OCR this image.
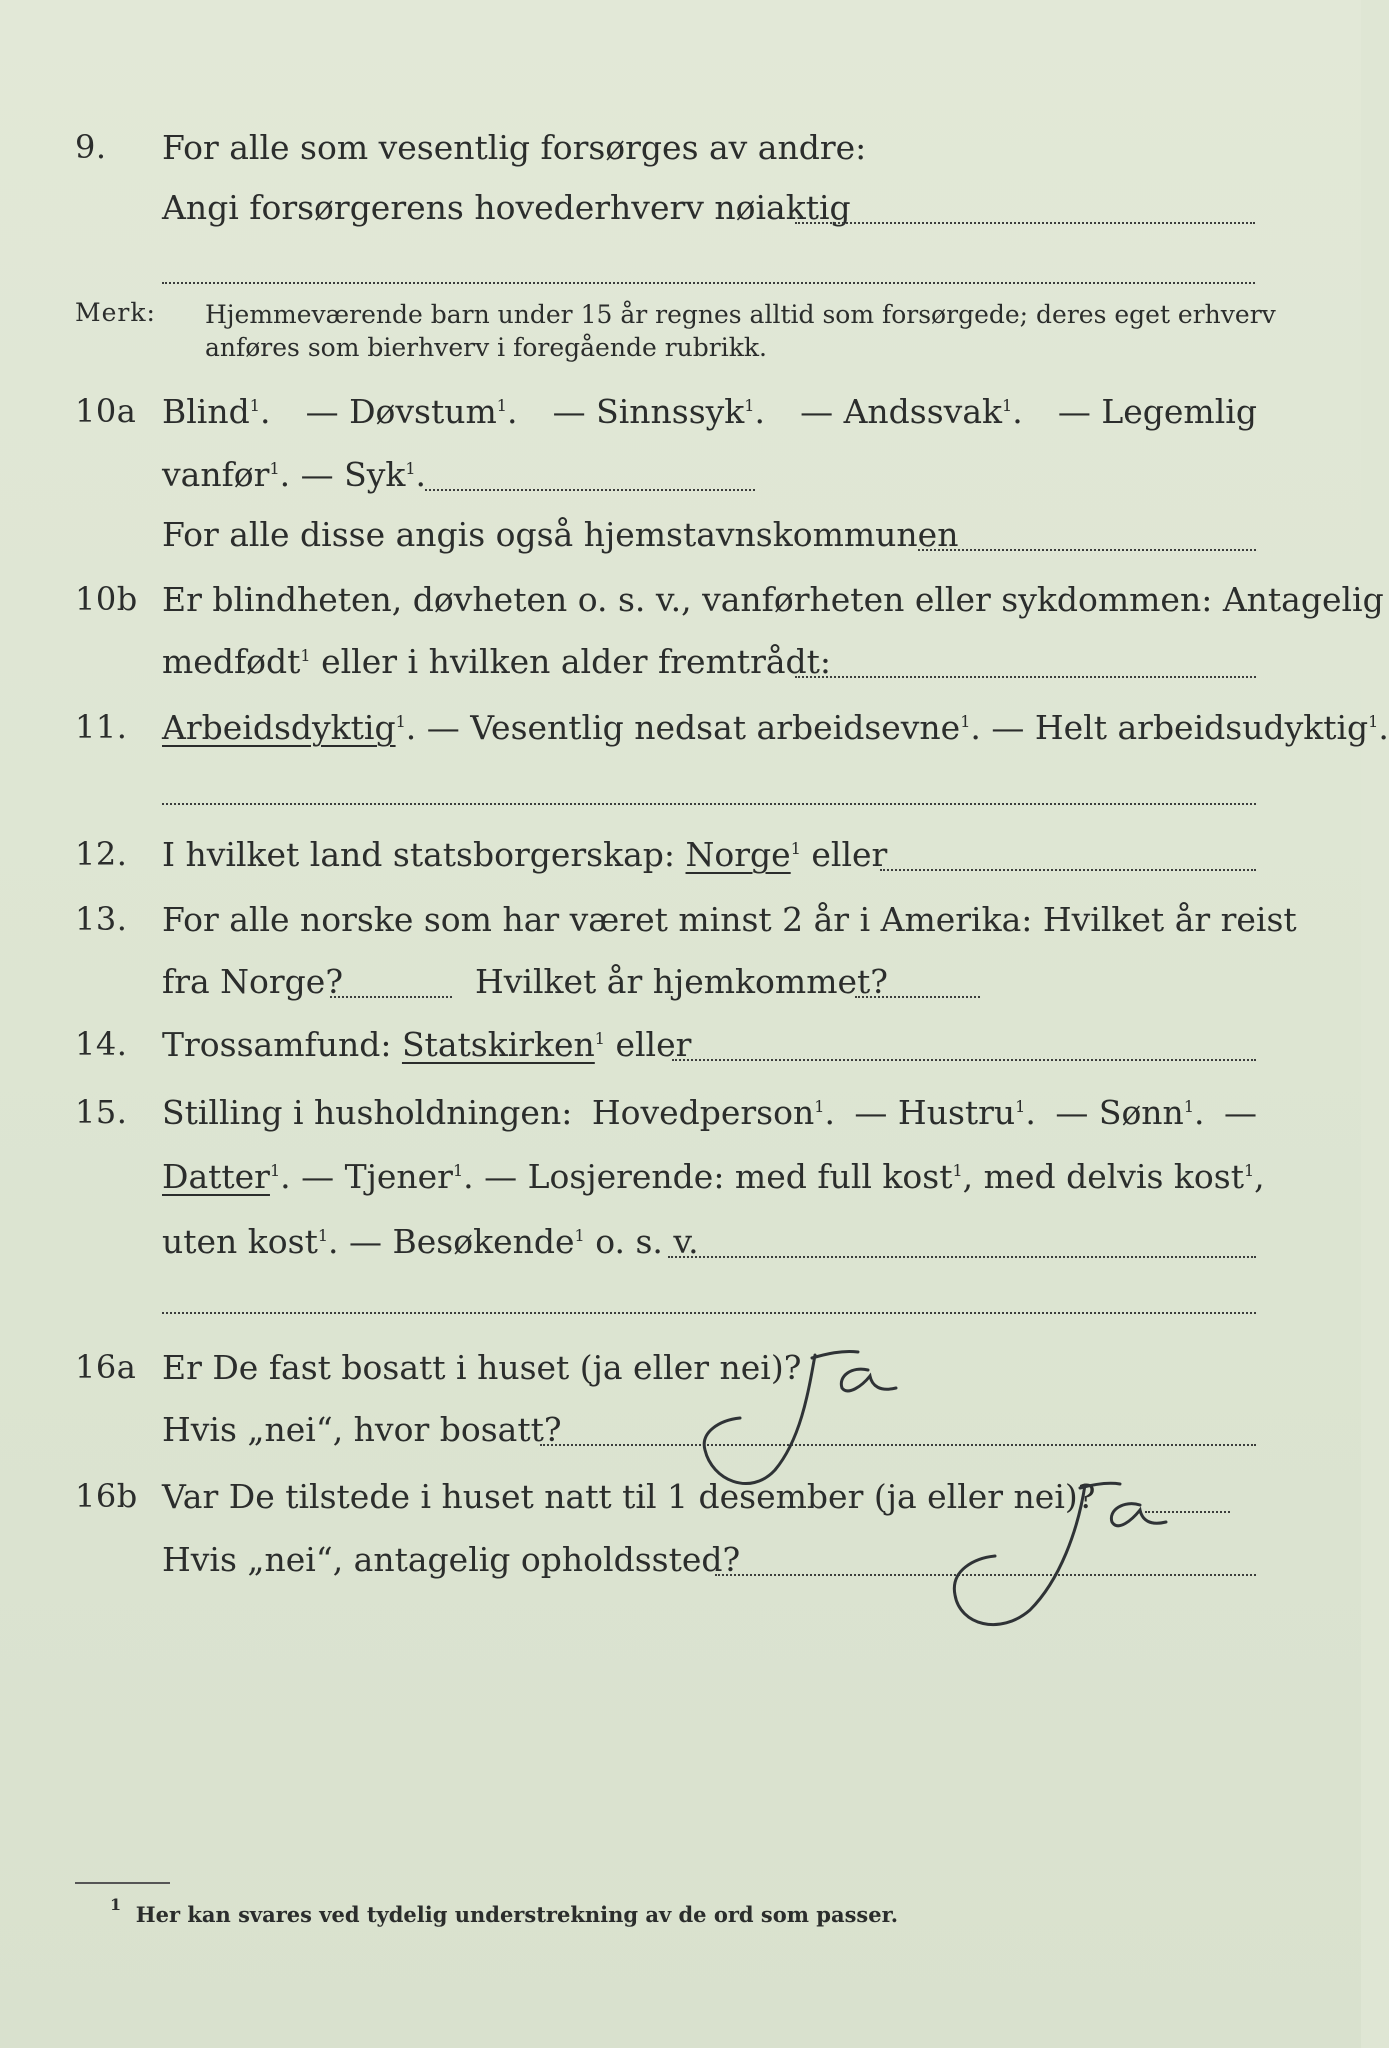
9. For alle som vesentlig forsørges av andre:
Angi forsørgerens hovederhverv nøiaktig
Merk: Hjemmeværende barn under 15 år regnes alltid som forsørgede; deres eget erhverv
anføres som bierhverv i foregående rubrikk.
10a Blind$^1$. — Døvstum$^1$. — Sinnssyk$^1$. — Andssvak$^1$. — Legemlig
vanfør$^1$. — Syk$^1$.
For alle disse angis også hjemstavnskommunen
10b Er blindheten, døvheten o. s. v., vanførheten eller sykdommen: Antagelig
medfødt$^1$ eller i hvilken alder fremtrådt:
11. Arbeidsdyktig$^1$. — Vesentlig nedsat arbeidsevne$^1$. — Helt arbeidsudyktig$^1$.
12. I hvilket land statsborgerskap: Norge$^1$ eller
13. For alle norske som har været minst 2 år i Amerika: Hvilket år reist
fra Norge?	Hvilket år hjemkommet?
14. Trossamfund: Statskirken$^1$ eller
15. Stilling i husholdningen: Hovedperson$^1$. — Hustru$^1$. — Sønn$^1$. —
Datter$^1$. — Tjener$^1$. — Losjerende: med full kost$^1$, med delvis kost$^1$,
uten kost$^1$. — Besøkende$^1$ o. s. v.
16a Er De fast bosatt i huset (ja eller nei)?
Hvis „nei“, hvor bosatt?
16b Var De tilstede i huset natt til 1 desember (ja eller nei)?
Hvis „nei“, antagelig opholdssted?
$^1$ Her kan svares ved tydelig understrekning av de ord som passer.
